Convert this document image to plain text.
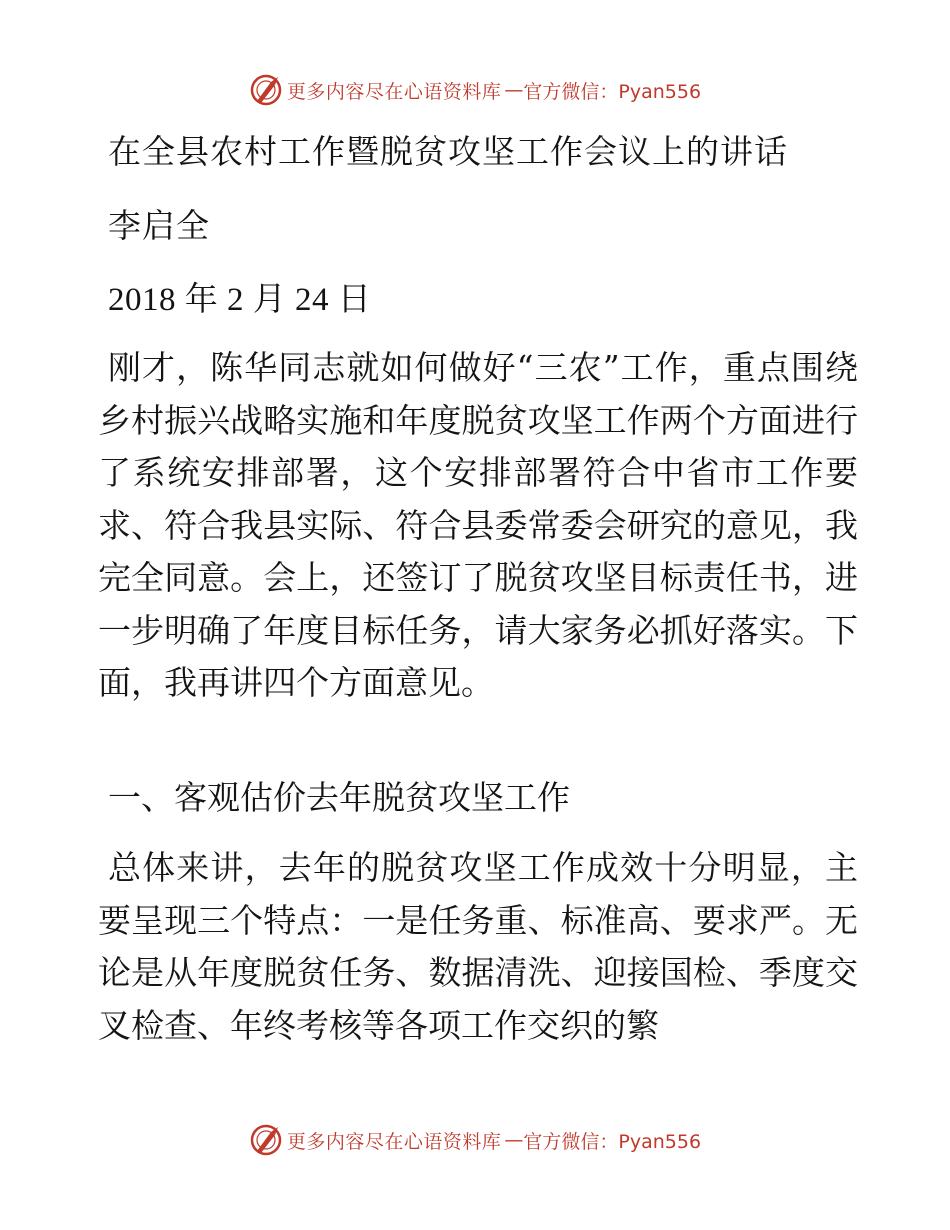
更多内容尽在心语资料库 — 官方微信：Pyan556
在全县农村工作暨脱贫攻坚工作会议上的讲话
李启全
2018 年 2 月 24 日

刚才，陈华同志就如何做好“三农”工作，重点围绕乡村振兴战略实施和年度脱贫攻坚工作两个方面进行了系统安排部署，这个安排部署符合中省市工作要求、符合我县实际、符合县委常委会研究的意见，我完全同意。会上，还签订了脱贫攻坚目标责任书，进一步明确了年度目标任务，请大家务必抓好落实。下面，我再讲四个方面意见。

一、客观估价去年脱贫攻坚工作

总体来讲，去年的脱贫攻坚工作成效十分明显，主要呈现三个特点：一是任务重、标准高、要求严。无论是从年度脱贫任务、数据清洗、迎接国检、季度交叉检查、年终考核等各项工作交织的繁

更多内容尽在心语资料库 — 官方微信：Pyan556
